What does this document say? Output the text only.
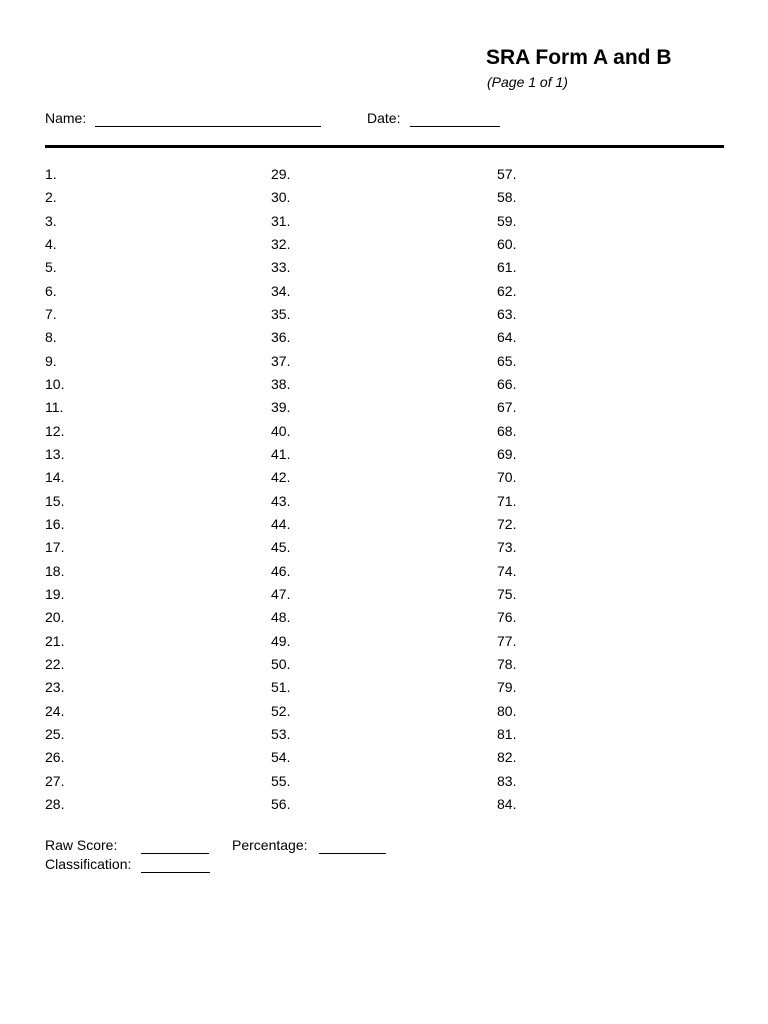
SRA Form A and B
(Page 1 of 1)
Name:	Date:
1.
2.
3.
4.
5.
6.
7.
8.
9.
10.
11.
12.
13.
14.
15.
16.
17.
18.
19.
20.
21.
22.
23.
24.
25.
26.
27.
28.
29.
30.
31.
32.
33.
34.
35.
36.
37.
38.
39.
40.
41.
42.
43.
44.
45.
46.
47.
48.
49.
50.
51.
52.
53.
54.
55.
56.
57.
58.
59.
60.
61.
62.
63.
64.
65.
66.
67.
68.
69.
70.
71.
72.
73.
74.
75.
76.
77.
78.
79.
80.
81.
82.
83.
84.
Raw Score:	Percentage:
Classification:
